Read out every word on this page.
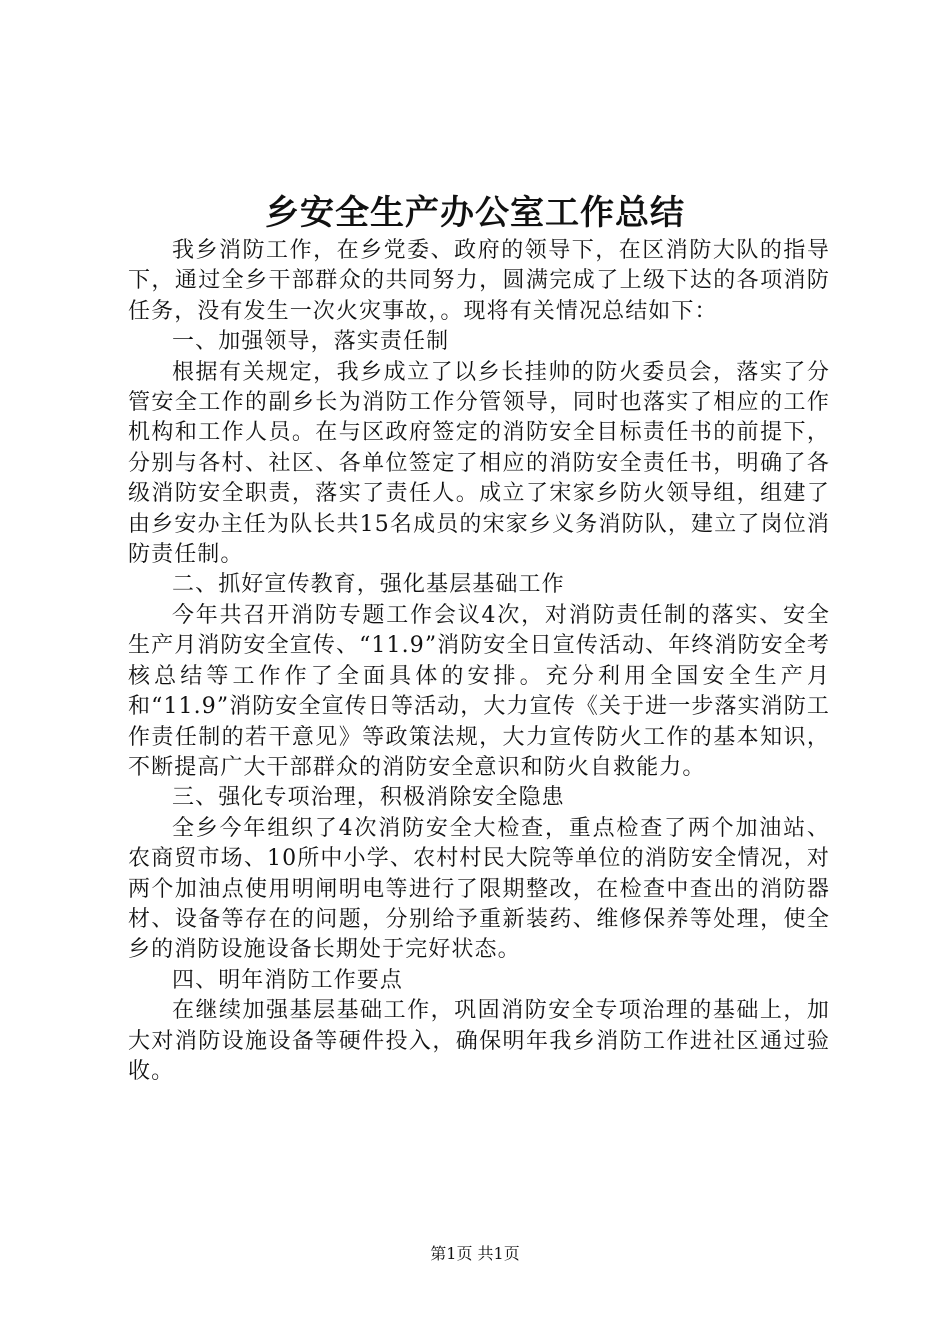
乡安全生产办公室工作总结

我乡消防工作，在乡党委、政府的领导下，在区消防大队的指导下，通过全乡干部群众的共同努力，圆满完成了上级下达的各项消防任务，没有发生一次火灾事故，。现将有关情况总结如下：

一、加强领导，落实责任制

根据有关规定，我乡成立了以乡长挂帅的防火委员会，落实了分管安全工作的副乡长为消防工作分管领导，同时也落实了相应的工作机构和工作人员。在与区政府签定的消防安全目标责任书的前提下，分别与各村、社区、各单位签定了相应的消防安全责任书，明确了各级消防安全职责，落实了责任人。成立了宋家乡防火领导组，组建了由乡安办主任为队长共15名成员的宋家乡义务消防队，建立了岗位消防责任制。

二、抓好宣传教育，强化基层基础工作

今年共召开消防专题工作会议4次，对消防责任制的落实、安全生产月消防安全宣传、“11.9”消防安全日宣传活动、年终消防安全考核总结等工作作了全面具体的安排。充分利用全国安全生产月和“11.9”消防安全宣传日等活动，大力宣传《关于进一步落实消防工作责任制的若干意见》等政策法规，大力宣传防火工作的基本知识，不断提高广大干部群众的消防安全意识和防火自救能力。

三、强化专项治理，积极消除安全隐患

全乡今年组织了4次消防安全大检查，重点检查了两个加油站、农商贸市场、10所中小学、农村村民大院等单位的消防安全情况，对两个加油点使用明闸明电等进行了限期整改，在检查中查出的消防器材、设备等存在的问题，分别给予重新装药、维修保养等处理，使全乡的消防设施设备长期处于完好状态。

四、明年消防工作要点

在继续加强基层基础工作，巩固消防安全专项治理的基础上，加大对消防设施设备等硬件投入，确保明年我乡消防工作进社区通过验收。

第1页 共1页
